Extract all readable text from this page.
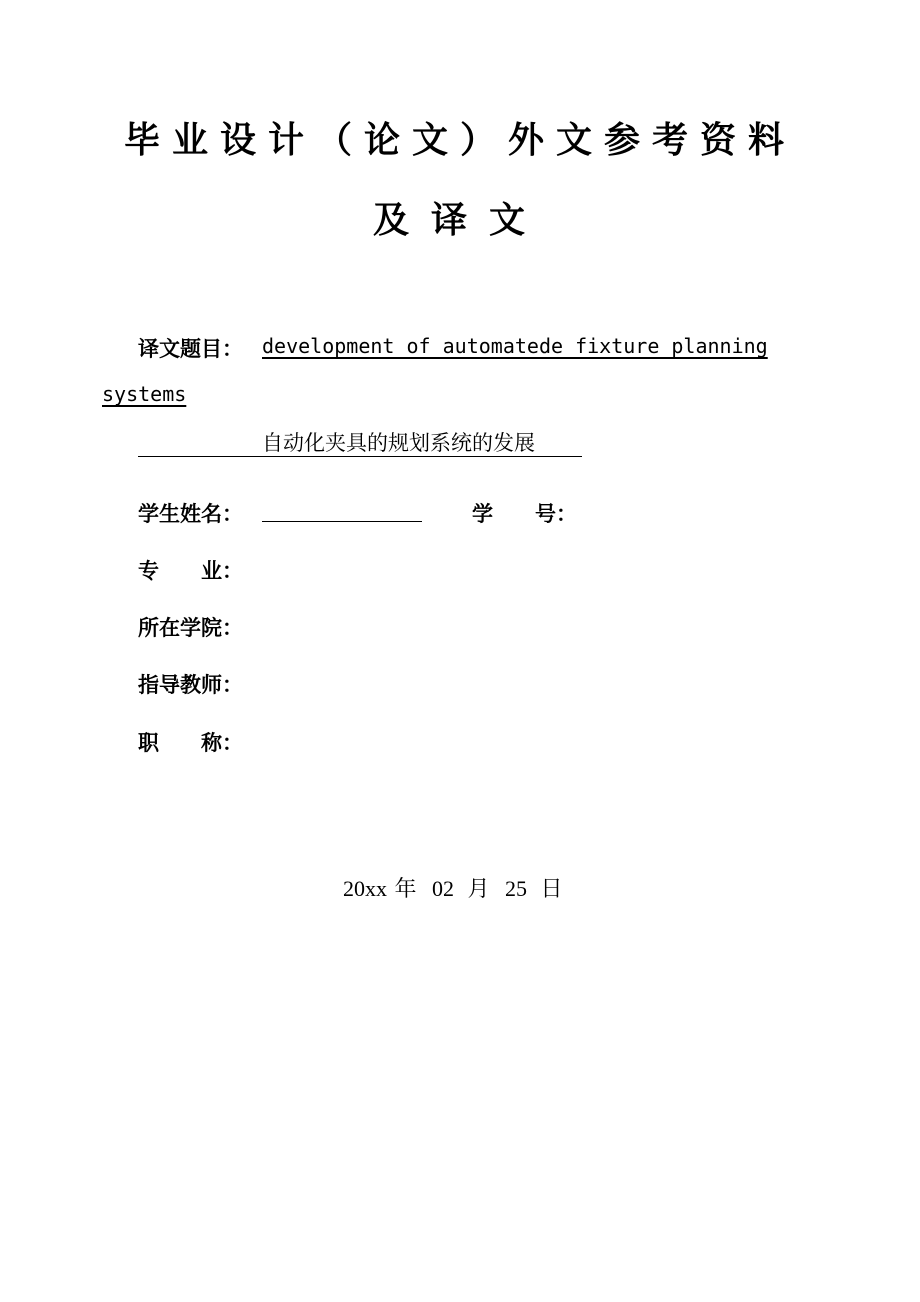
毕业设计（论文）外文参考资料
及译文
译文题目： development of automatede fixture planning
systems
自动化夹具的规划系统的发展
学生姓名：	学　　号：
专　　业：
所在学院：
指导教师：
职　　称：
20xx 年 02 月 25 日
